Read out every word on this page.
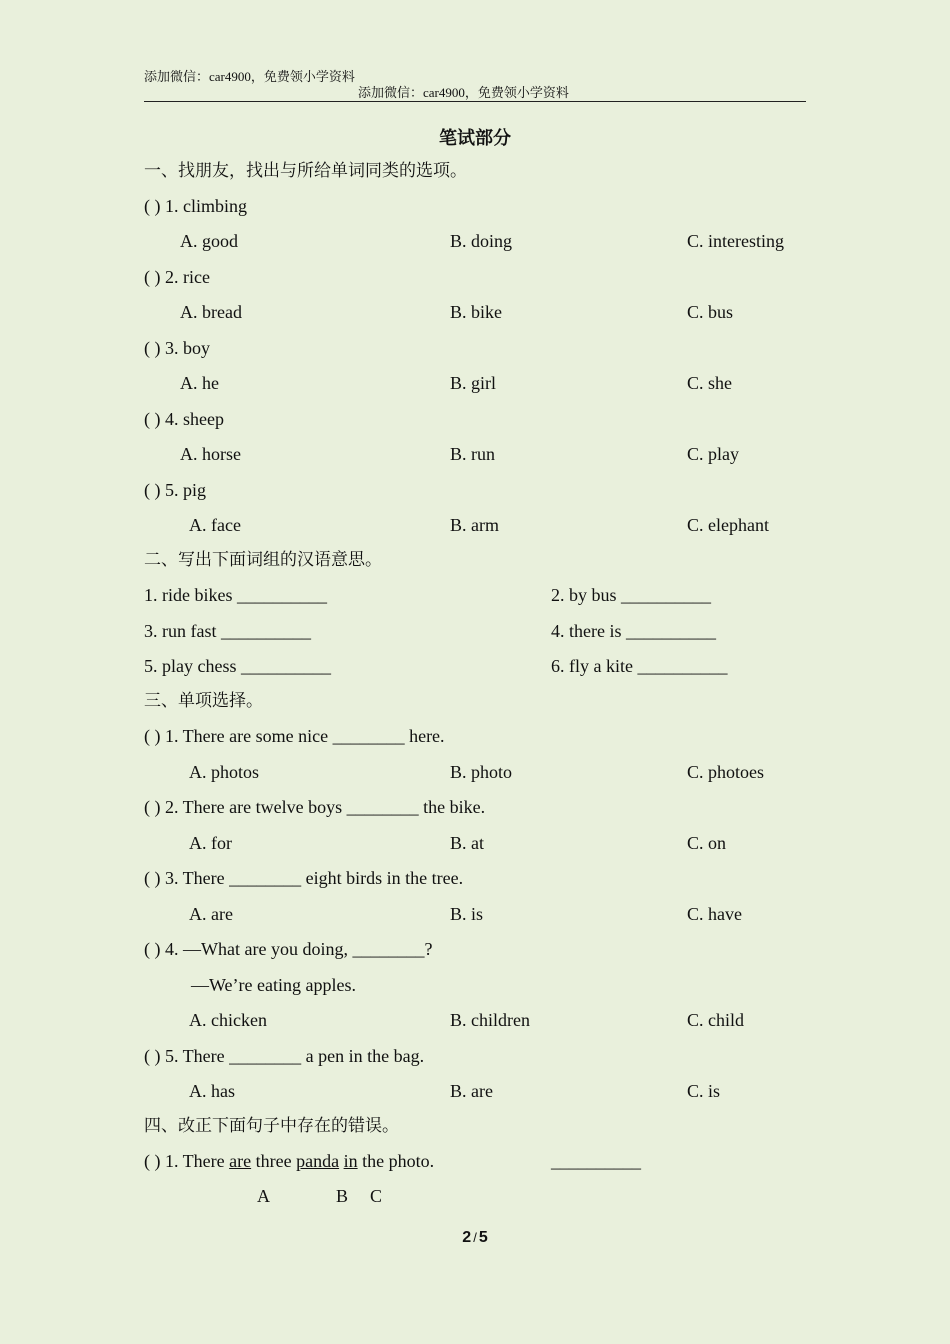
添加微信：car4900，免费领小学资料
添加微信：car4900，免费领小学资料
笔试部分
一、找朋友，找出与所给单词同类的选项。
( ) 1. climbing
A. good	B. doing	C. interesting
( ) 2. rice
A. bread	B. bike	C. bus
( ) 3. boy
A. he	B. girl	C. she
( ) 4. sheep
A. horse	B. run	C. play
( ) 5. pig
A. face	B. arm	C. elephant
二、写出下面词组的汉语意思。
1. ride bikes __________	2. by bus __________
3. run fast __________	4. there is __________
5. play chess __________	6. fly a kite __________
三、单项选择。
( ) 1. There are some nice ________ here.
A. photos	B. photo	C. photoes
( ) 2. There are twelve boys ________ the bike.
A. for	B. at	C. on
( ) 3. There ________ eight birds in the tree.
A. are	B. is	C. have
( ) 4. —What are you doing, ________?
—We’re eating apples.
A. chicken	B. children	C. child
( ) 5. There ________ a pen in the bag.
A. has	B. are	C. is
四、改正下面句子中存在的错误。
( ) 1. There are three panda in the photo.	__________
A	B C
2 / 5
